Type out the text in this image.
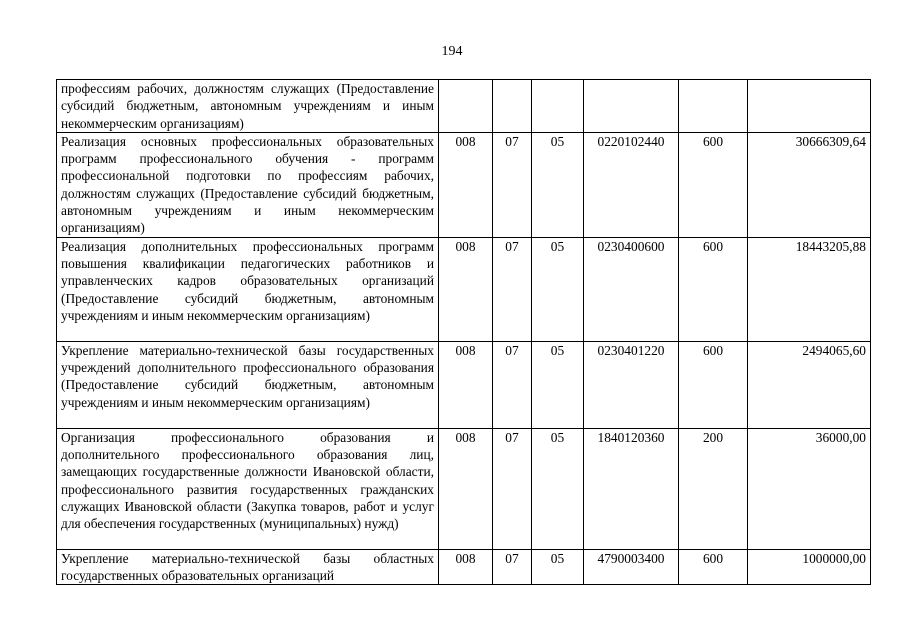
194
профессиям рабочих, должностям служащих (Предоставление субсидий бюджетным, автономным учреждениям и иным некоммерческим организациям)						
Реализация основных профессиональных образовательных программ профессионального обучения - программ профессиональной подготовки по профессиям рабочих, должностям служащих (Предоставление субсидий бюджетным, автономным учреждениям и иным некоммерческим организациям)	008	07	05	0220102440	600	30666309,64
Реализация дополнительных профессиональных программ повышения квалификации педагогических работников и управленческих кадров образовательных организаций (Предоставление субсидий бюджетным, автономным учреждениям и иным некоммерческим организациям)	008	07	05	0230400600	600	18443205,88
Укрепление материально-технической базы государственных учреждений дополнительного профессионального образования (Предоставление субсидий бюджетным, автономным учреждениям и иным некоммерческим организациям)	008	07	05	0230401220	600	2494065,60
Организация профессионального образования и дополнительного профессионального образования лиц, замещающих государственные должности Ивановской области, профессионального развития государственных гражданских служащих Ивановской области (Закупка товаров, работ и услуг для обеспечения государственных (муниципальных) нужд)	008	07	05	1840120360	200	36000,00
Укрепление материально-технической базы областных государственных образовательных организаций	008	07	05	4790003400	600	1000000,00
